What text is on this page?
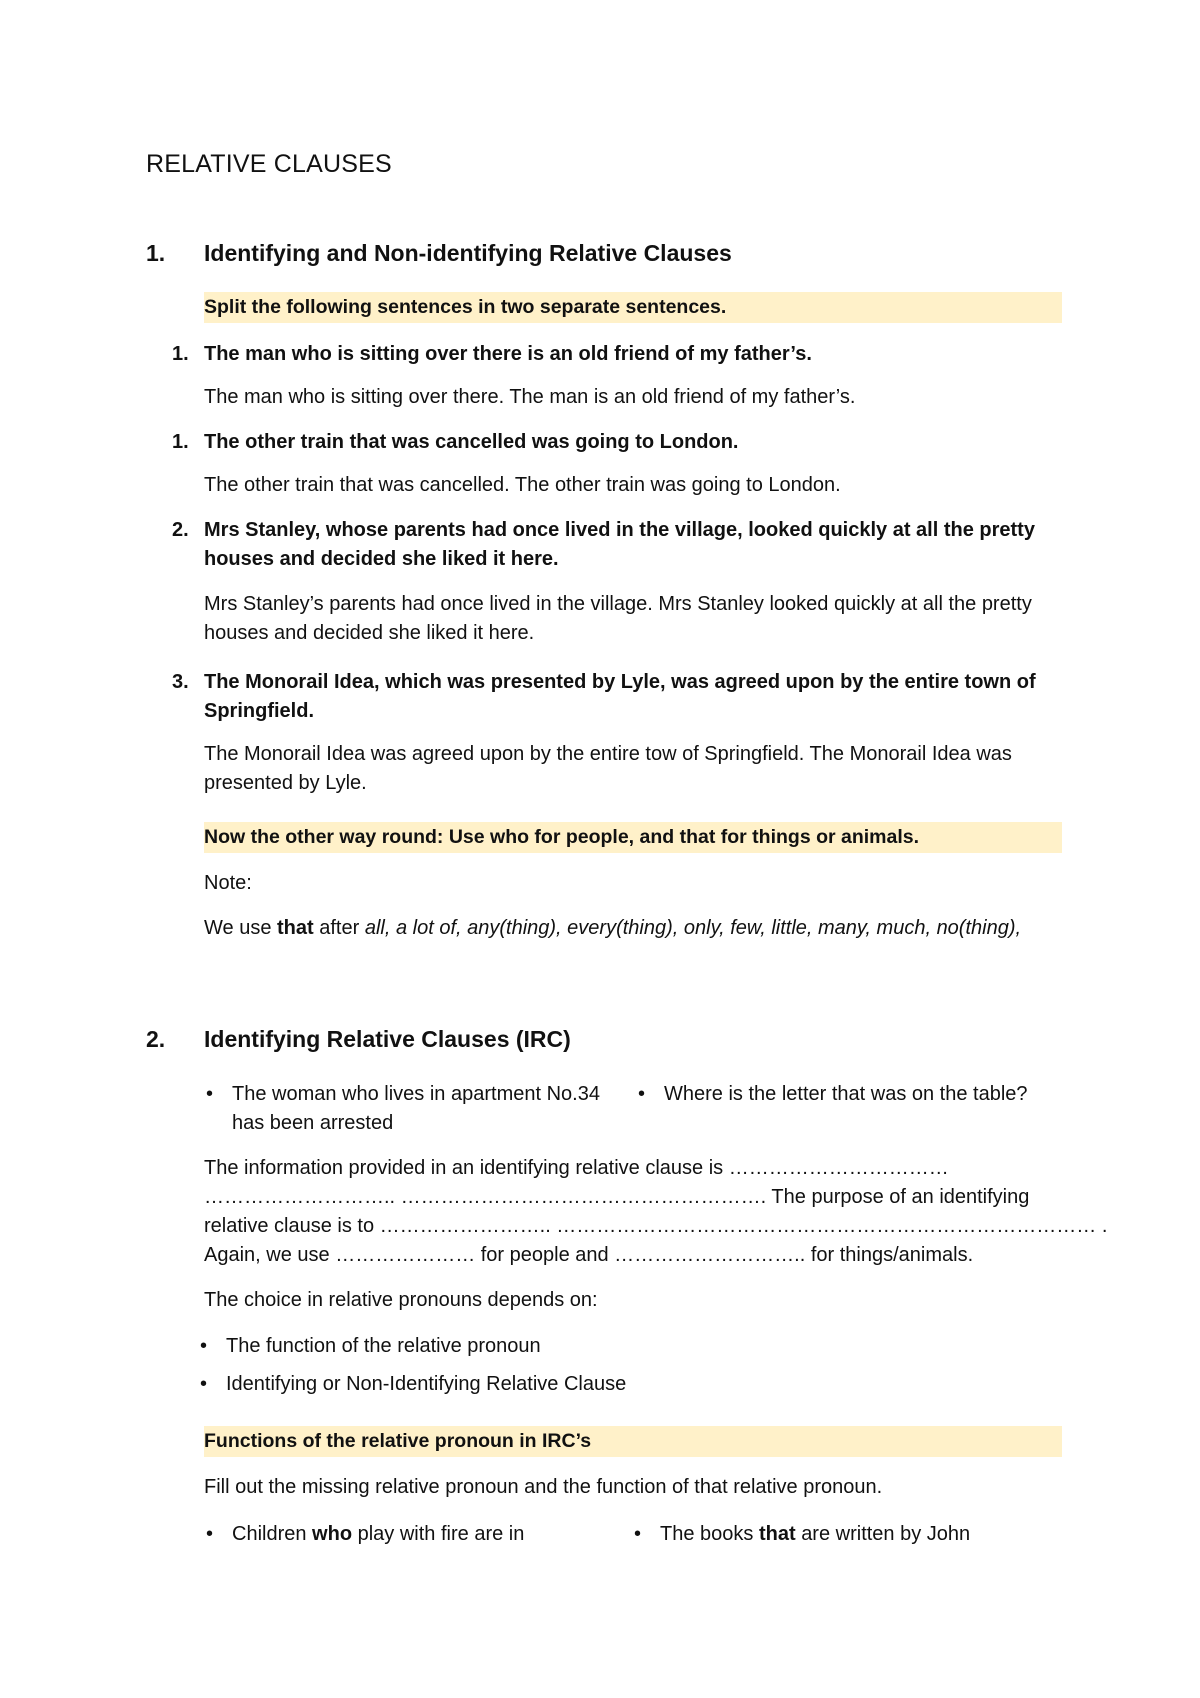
RELATIVE CLAUSES
1. Identifying and Non-identifying Relative Clauses
Split the following sentences in two separate sentences.
1. The man who is sitting over there is an old friend of my father’s.
The man who is sitting over there. The man is an old friend of my father’s.
1. The other train that was cancelled was going to London.
The other train that was cancelled. The other train was going to London.
2. Mrs Stanley, whose parents had once lived in the village, looked quickly at all the pretty houses and decided she liked it here.
Mrs Stanley’s parents had once lived in the village. Mrs Stanley looked quickly at all the pretty houses and decided she liked it here.
3. The Monorail Idea, which was presented by Lyle, was agreed upon by the entire town of Springfield.
The Monorail Idea was agreed upon by the entire tow of Springfield. The Monorail Idea was presented by Lyle.
Now the other way round: Use who for people, and that for things or animals.
Note:
We use that after all, a lot of, any(thing), every(thing), only, few, little, many, much, no(thing),
2. Identifying Relative Clauses (IRC)
• The woman who lives in apartment No.34 has been arrested
• Where is the letter that was on the table?
The information provided in an identifying relative clause is ……………………………
……………………….. ………………………………………………. The purpose of an identifying
relative clause is to …………………….. ……………………………………………………………………… .
Again, we use ………………… for people and ……………………….. for things/animals.
The choice in relative pronouns depends on:
• The function of the relative pronoun
• Identifying or Non-Identifying Relative Clause
Functions of the relative pronoun in IRC’s
Fill out the missing relative pronoun and the function of that relative pronoun.
• Children who play with fire are in
•	The books that are written by John
